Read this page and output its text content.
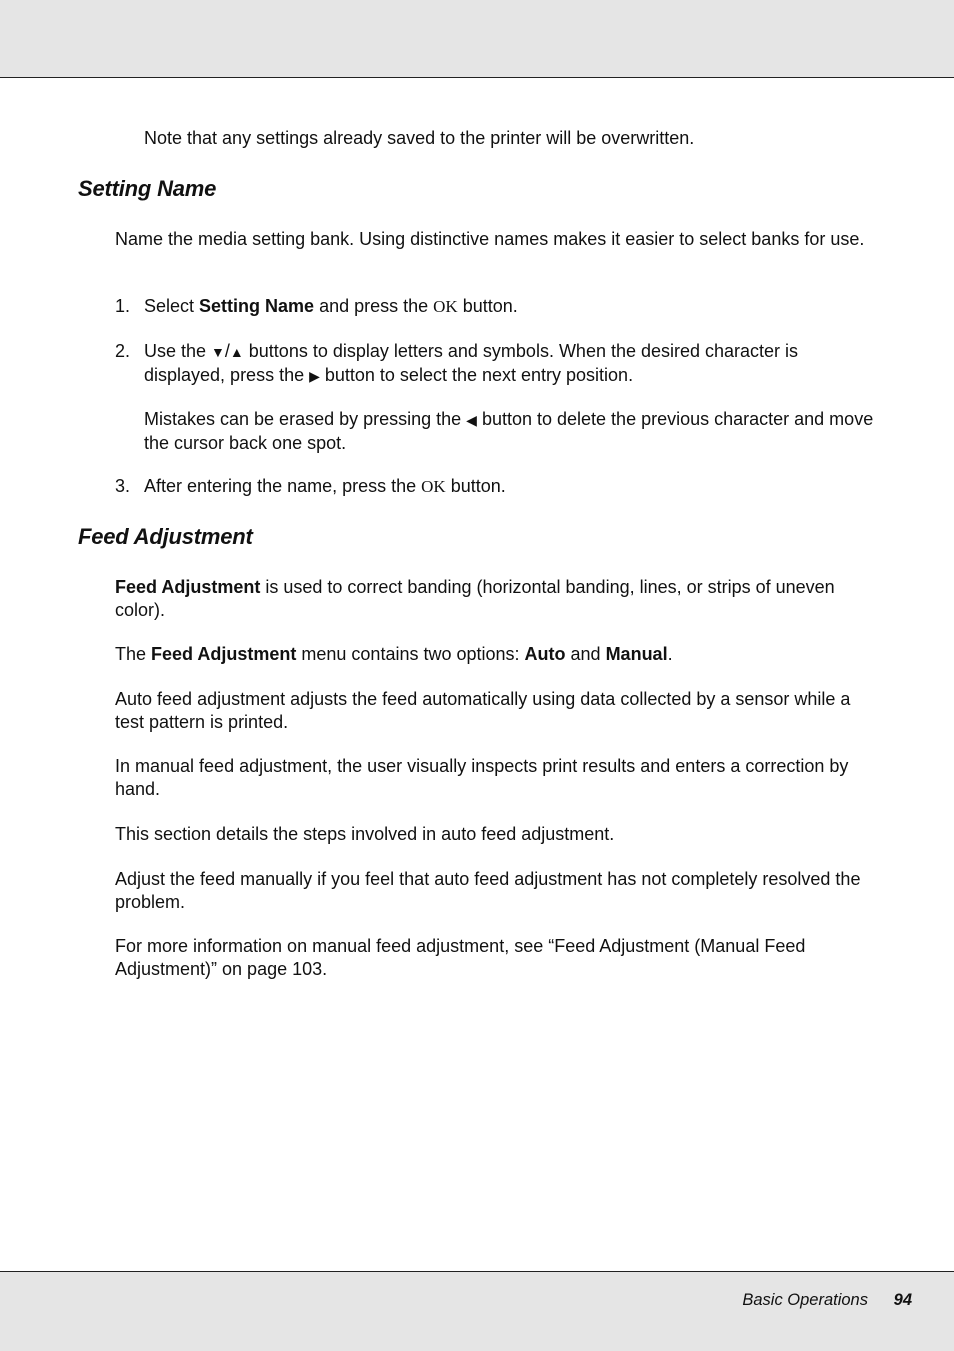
Note that any settings already saved to the printer will be overwritten.

Setting Name

Name the media setting bank. Using distinctive names makes it easier to select banks for use.

1. Select Setting Name and press the OK button.
2. Use the ▼/▲ buttons to display letters and symbols. When the desired character is displayed, press the ▶ button to select the next entry position.

Mistakes can be erased by pressing the ◀ button to delete the previous character and move the cursor back one spot.

3. After entering the name, press the OK button.
Feed Adjustment

Feed Adjustment is used to correct banding (horizontal banding, lines, or strips of uneven color).

The Feed Adjustment menu contains two options: Auto and Manual.

Auto feed adjustment adjusts the feed automatically using data collected by a sensor while a test pattern is printed.

In manual feed adjustment, the user visually inspects print results and enters a correction by hand.

This section details the steps involved in auto feed adjustment.

Adjust the feed manually if you feel that auto feed adjustment has not completely resolved the problem.

For more information on manual feed adjustment, see “Feed Adjustment (Manual Feed Adjustment)” on page 103.

Basic Operations 94
